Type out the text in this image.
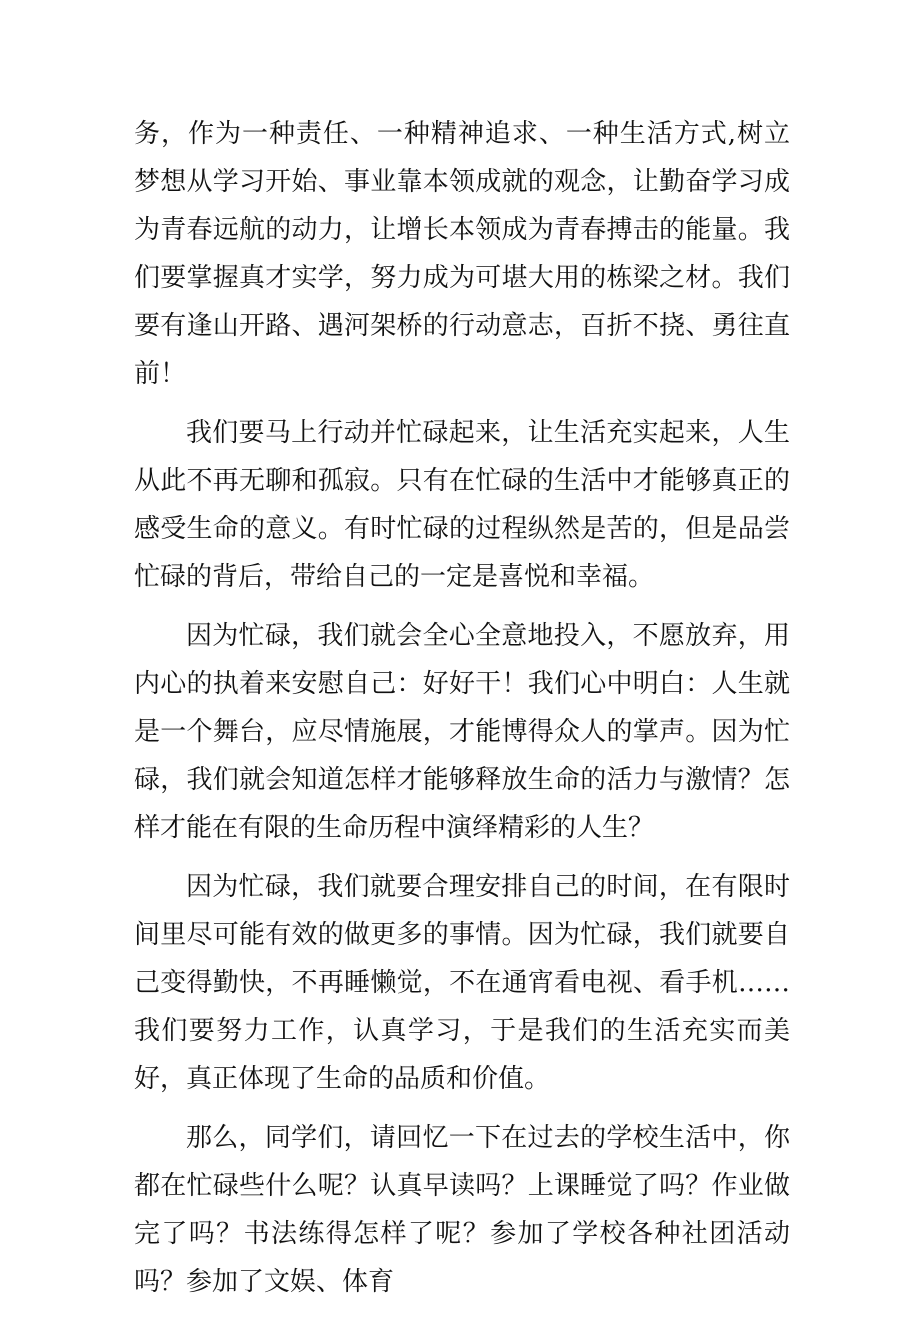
务，作为一种责任、一种精神追求、一种生活方式,树立梦想从学习开始、事业靠本领成就的观念，让勤奋学习成为青春远航的动力，让增长本领成为青春搏击的能量。我们要掌握真才实学，努力成为可堪大用的栋梁之材。我们要有逢山开路、遇河架桥的行动意志，百折不挠、勇往直前！

我们要马上行动并忙碌起来，让生活充实起来，人生从此不再无聊和孤寂。只有在忙碌的生活中才能够真正的感受生命的意义。有时忙碌的过程纵然是苦的，但是品尝忙碌的背后，带给自己的一定是喜悦和幸福。

因为忙碌，我们就会全心全意地投入，不愿放弃，用内心的执着来安慰自己：好好干！我们心中明白：人生就是一个舞台，应尽情施展，才能博得众人的掌声。因为忙碌，我们就会知道怎样才能够释放生命的活力与激情？怎样才能在有限的生命历程中演绎精彩的人生？

因为忙碌，我们就要合理安排自己的时间，在有限时间里尽可能有效的做更多的事情。因为忙碌，我们就要自己变得勤快，不再睡懒觉，不在通宵看电视、看手机……我们要努力工作，认真学习，于是我们的生活充实而美好，真正体现了生命的品质和价值。

那么，同学们，请回忆一下在过去的学校生活中，你都在忙碌些什么呢？认真早读吗？上课睡觉了吗？作业做完了吗？书法练得怎样了呢？参加了学校各种社团活动吗？参加了文娱、体育
